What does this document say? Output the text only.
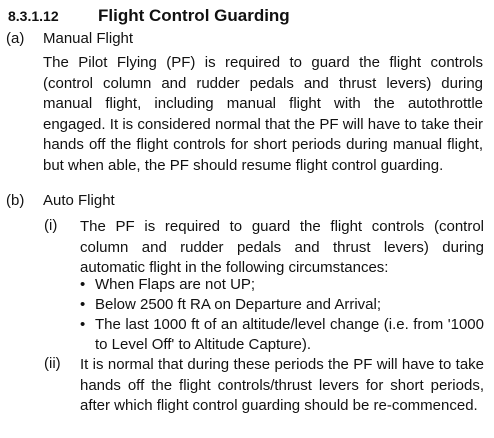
8.3.1.12	Flight Control Guarding
(a) Manual Flight
The Pilot Flying (PF) is required to guard the flight controls (control column and rudder pedals and thrust levers) during manual flight, including manual flight with the autothrottle engaged. It is considered normal that the PF will have to take their hands off the flight controls for short periods during manual flight, but when able, the PF should resume flight control guarding.
(b) Auto Flight
(i) The PF is required to guard the flight controls (control column and rudder pedals and thrust levers) during automatic flight in the following circumstances:
• When Flaps are not UP;
• Below 2500 ft RA on Departure and Arrival;
• The last 1000 ft of an altitude/level change (i.e. from '1000 to Level Off' to Altitude Capture).
(ii) It is normal that during these periods the PF will have to take hands off the flight controls/thrust levers for short periods, after which flight control guarding should be re-commenced.
